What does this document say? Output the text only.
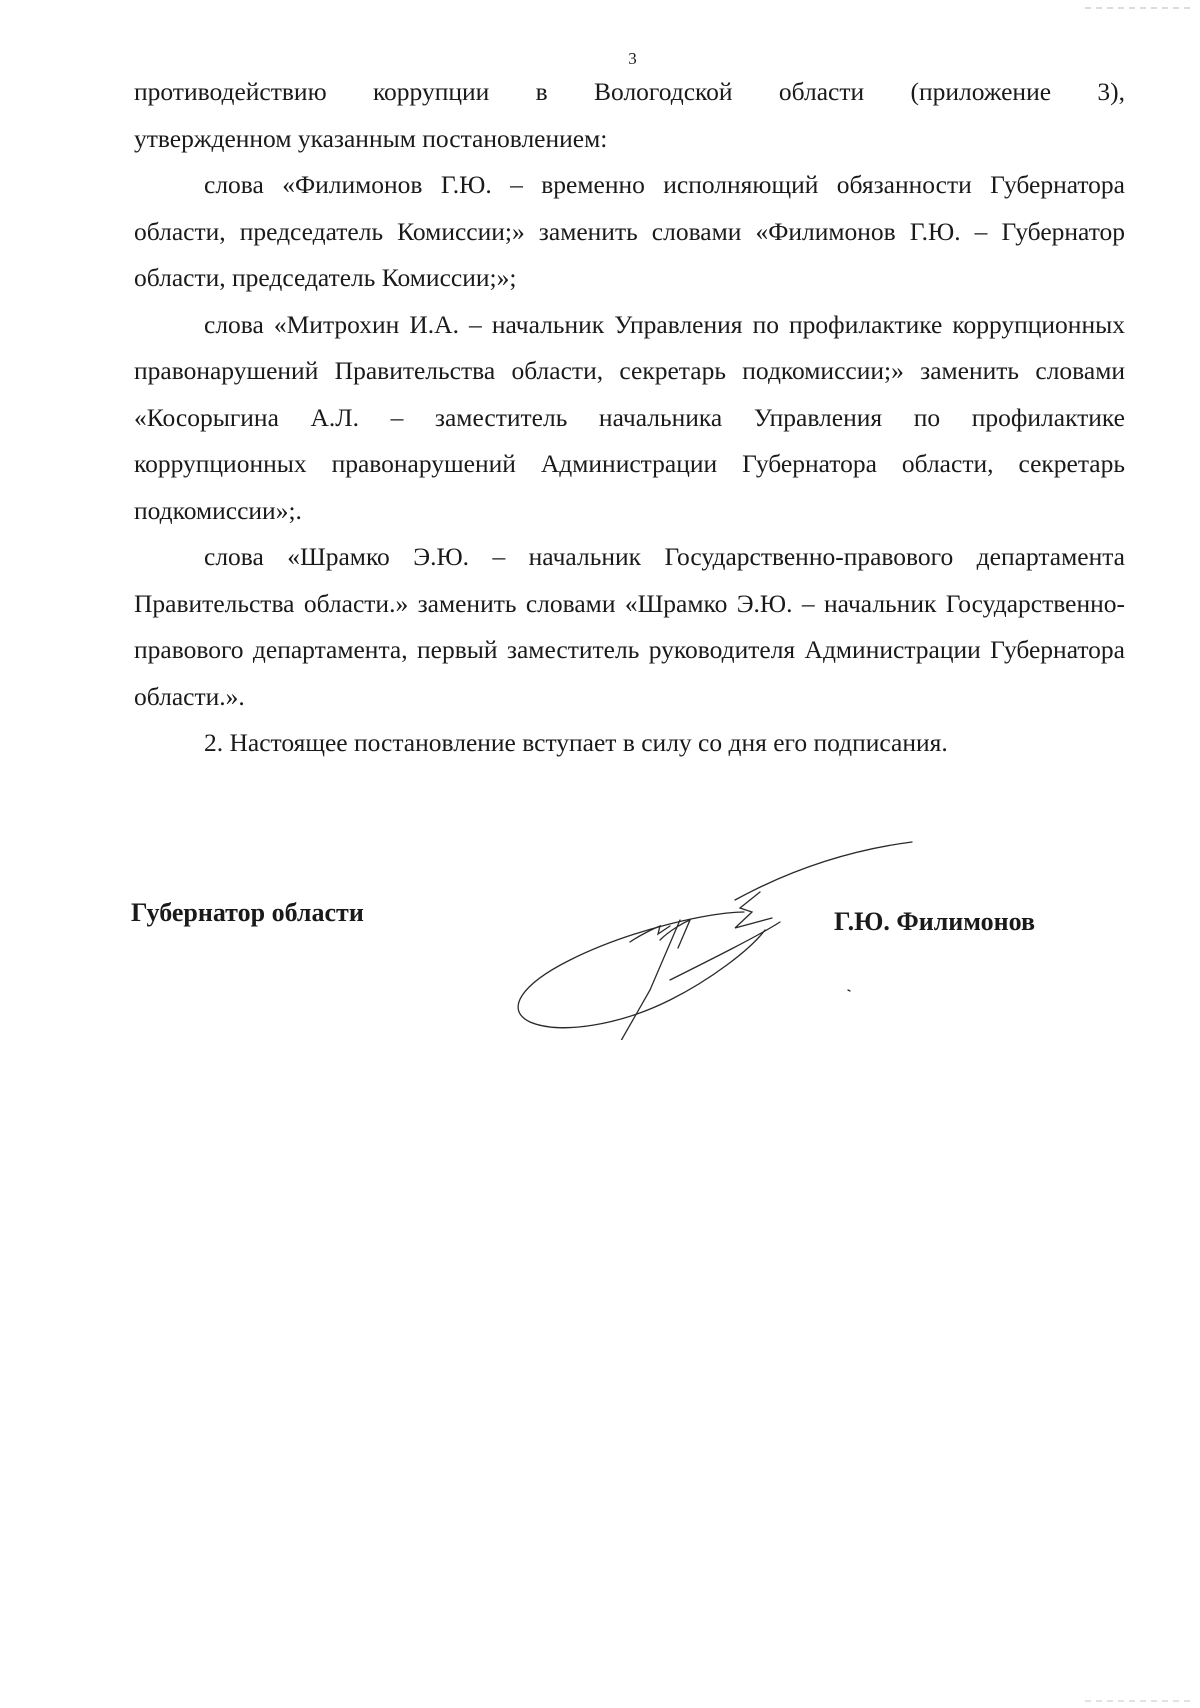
3

противодействию коррупции в Вологодской области (приложение 3),

утвержденном указанным постановлением:

слова «Филимонов Г.Ю. – временно исполняющий обязанности Губернатора области, председатель Комиссии;» заменить словами «Филимонов Г.Ю. – Губернатор области, председатель Комиссии;»;

слова «Митрохин И.А. – начальник Управления по профилактике коррупционных правонарушений Правительства области, секретарь подкомиссии;» заменить словами «Косорыгина А.Л. – заместитель начальника Управления по профилактике коррупционных правонарушений Администрации Губернатора области, секретарь подкомиссии»;.

слова «Шрамко Э.Ю. – начальник Государственно-правового департамента Правительства области.» заменить словами «Шрамко Э.Ю. – начальник Государственно-правового департамента, первый заместитель руководителя Администрации Губернатора области.».

2. Настоящее постановление вступает в силу со дня его подписания.

Губернатор области	Г.Ю. Филимонов
